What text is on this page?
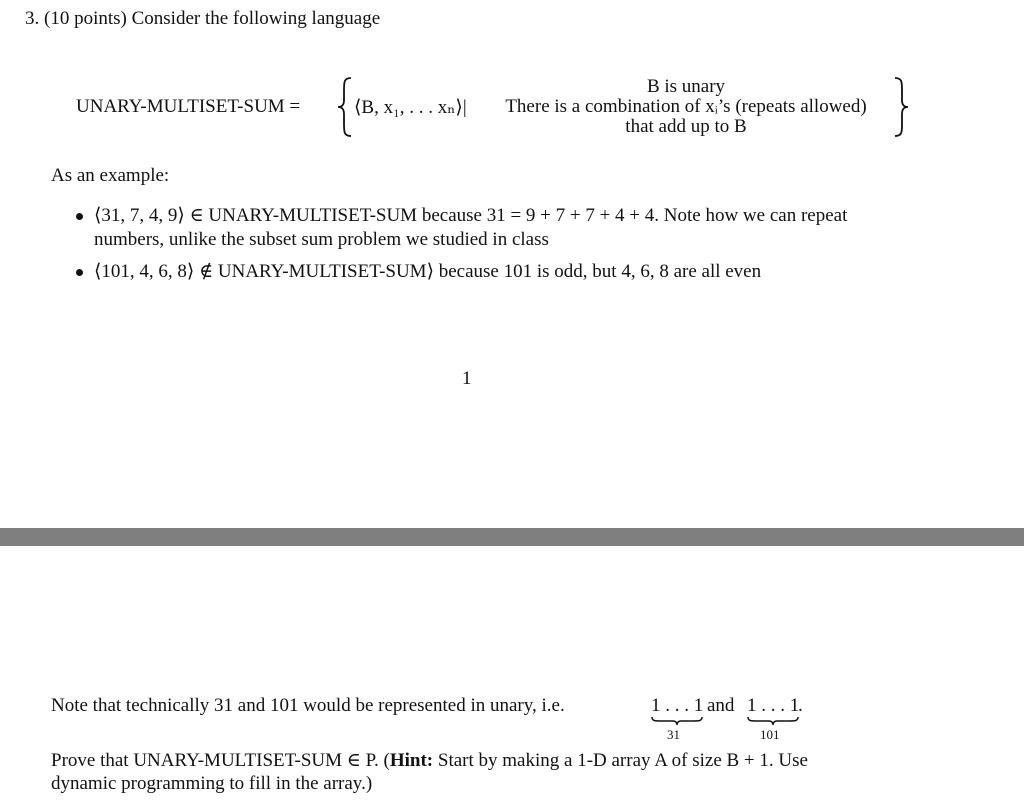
3. (10 points) Consider the following language
UNARY-MULTISET-SUM =	⟨B, x₁, . . . xₙ⟩|
B is unary
There is a combination of xᵢ’s (repeats allowed)
that add up to B
As an example:
⟨31, 7, 4, 9⟩ ∈ UNARY-MULTISET-SUM because 31 = 9 + 7 + 7 + 4 + 4. Note how we can repeat
numbers, unlike the subset sum problem we studied in class
⟨101, 4, 6, 8⟩ ∉ UNARY-MULTISET-SUM⟩ because 101 is odd, but 4, 6, 8 are all even
1
Note that technically 31 and 101 would be represented in unary, i.e.	1 . . . 1
31
and 1 . . . 1
101
.
Prove that UNARY-MULTISET-SUM ∈ P. (Hint: Start by making a 1-D array A of size B + 1. Use
dynamic programming to fill in the array.)
